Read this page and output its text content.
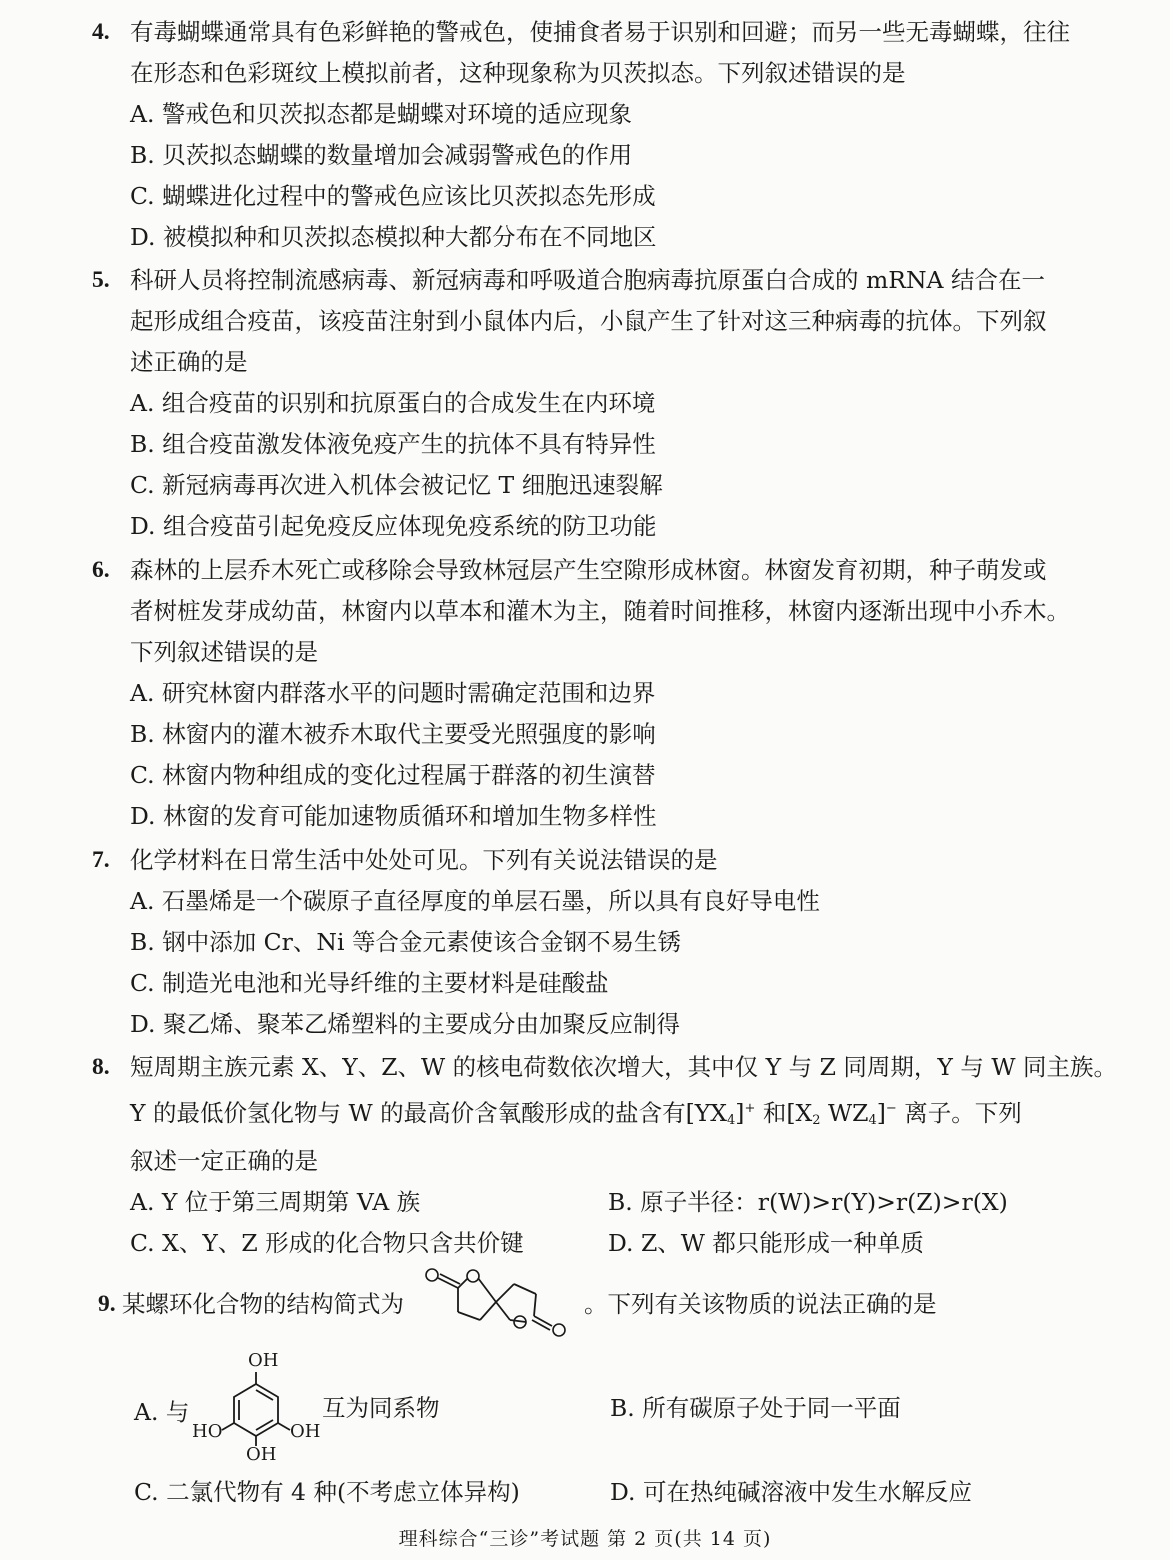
4. 有毒蝴蝶通常具有色彩鲜艳的警戒色，使捕食者易于识别和回避；而另一些无毒蝴蝶，往往
在形态和色彩斑纹上模拟前者，这种现象称为贝茨拟态。下列叙述错误的是
A. 警戒色和贝茨拟态都是蝴蝶对环境的适应现象
B. 贝茨拟态蝴蝶的数量增加会减弱警戒色的作用
C. 蝴蝶进化过程中的警戒色应该比贝茨拟态先形成
D. 被模拟种和贝茨拟态模拟种大都分布在不同地区
5. 科研人员将控制流感病毒、新冠病毒和呼吸道合胞病毒抗原蛋白合成的 mRNA 结合在一
起形成组合疫苗，该疫苗注射到小鼠体内后，小鼠产生了针对这三种病毒的抗体。下列叙
述正确的是
A. 组合疫苗的识别和抗原蛋白的合成发生在内环境
B. 组合疫苗激发体液免疫产生的抗体不具有特异性
C. 新冠病毒再次进入机体会被记忆 T 细胞迅速裂解
D. 组合疫苗引起免疫反应体现免疫系统的防卫功能
6. 森林的上层乔木死亡或移除会导致林冠层产生空隙形成林窗。林窗发育初期，种子萌发或
者树桩发芽成幼苗，林窗内以草本和灌木为主，随着时间推移，林窗内逐渐出现中小乔木。
下列叙述错误的是
A. 研究林窗内群落水平的问题时需确定范围和边界
B. 林窗内的灌木被乔木取代主要受光照强度的影响
C. 林窗内物种组成的变化过程属于群落的初生演替
D. 林窗的发育可能加速物质循环和增加生物多样性
7. 化学材料在日常生活中处处可见。下列有关说法错误的是
A. 石墨烯是一个碳原子直径厚度的单层石墨，所以具有良好导电性
B. 钢中添加 Cr、Ni 等合金元素使该合金钢不易生锈
C. 制造光电池和光导纤维的主要材料是硅酸盐
D. 聚乙烯、聚苯乙烯塑料的主要成分由加聚反应制得
8. 短周期主族元素 X、Y、Z、W 的核电荷数依次增大，其中仅 Y 与 Z 同周期，Y 与 W 同主族。
Y 的最低价氢化物与 W 的最高价含氧酸形成的盐含有$[YX_4]^+$ 和[$X_2$ $WZ_4]^-$ 离子。下列
叙述一定正确的是
A. Y 位于第三周期第 VA 族	B. 原子半径：r(W)>r(Y)>r(Z)>r(X)
C. X、Y、Z 形成的化合物只含共价键	D. Z、W 都只能形成一种单质
9. 某螺环化合物的结构简式为	。下列有关该物质的说法正确的是
A. 与
OH
HO	OH
OH
互为同系物	B. 所有碳原子处于同一平面
C. 二氯代物有 4 种(不考虑立体异构)	D. 可在热纯碱溶液中发生水解反应
理科综合“三诊”考试题 第 2 页(共 14 页)
